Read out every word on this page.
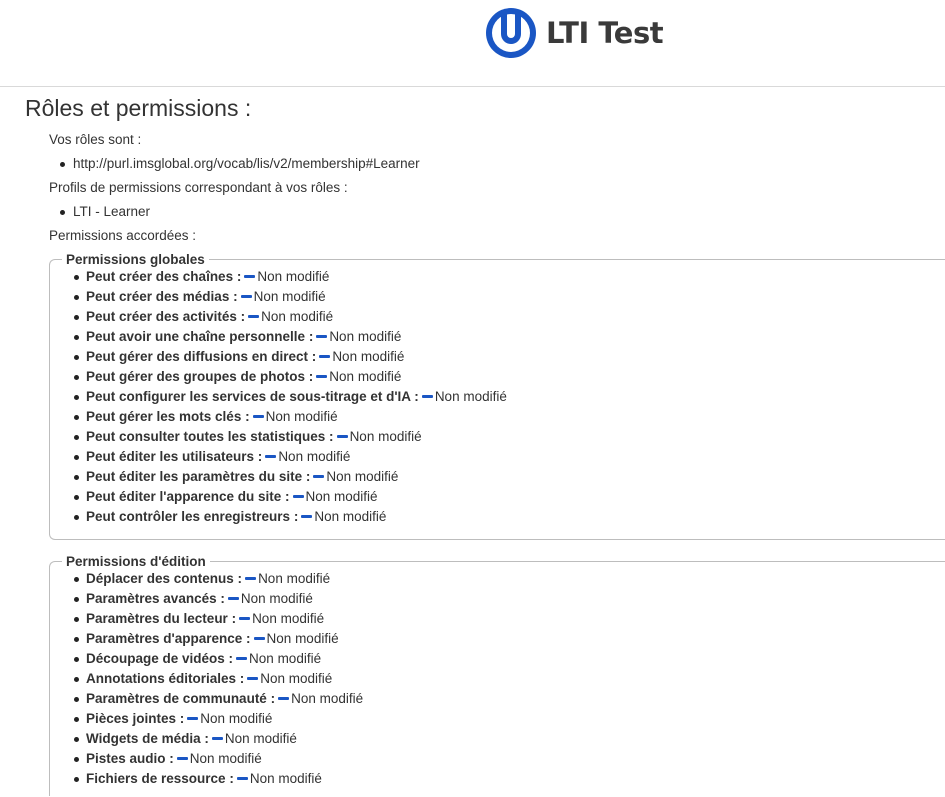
LTI Test
Rôles et permissions :
Vos rôles sont :
http://purl.imsglobal.org/vocab/lis/v2/membership#Learner
Profils de permissions correspondant à vos rôles :
LTI - Learner
Permissions accordées :
Permissions globales
Peut créer des chaînes : Non modifié
Peut créer des médias : Non modifié
Peut créer des activités : Non modifié
Peut avoir une chaîne personnelle : Non modifié
Peut gérer des diffusions en direct : Non modifié
Peut gérer des groupes de photos : Non modifié
Peut configurer les services de sous-titrage et d'IA : Non modifié
Peut gérer les mots clés : Non modifié
Peut consulter toutes les statistiques : Non modifié
Peut éditer les utilisateurs : Non modifié
Peut éditer les paramètres du site : Non modifié
Peut éditer l'apparence du site : Non modifié
Peut contrôler les enregistreurs : Non modifié
Permissions d'édition
Déplacer des contenus : Non modifié
Paramètres avancés : Non modifié
Paramètres du lecteur : Non modifié
Paramètres d'apparence : Non modifié
Découpage de vidéos : Non modifié
Annotations éditoriales : Non modifié
Paramètres de communauté : Non modifié
Pièces jointes : Non modifié
Widgets de média : Non modifié
Pistes audio : Non modifié
Fichiers de ressource : Non modifié
